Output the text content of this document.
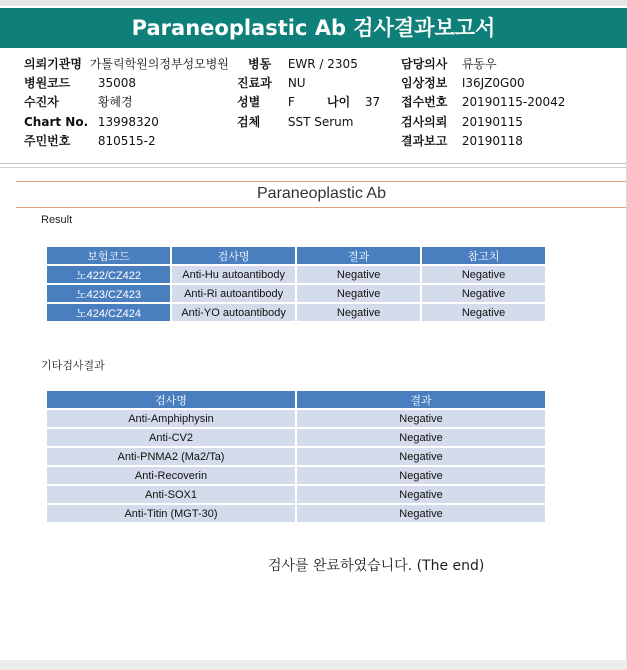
Paraneoplastic Ab 검사결과보고서
의뢰기관명 가톨릭학원의정부성모병원
병원코드 35008
수진자	황혜경
Chart No. 13998320
주민번호 810515-2
병동 EWR / 2305
진료과 NU
성별 F	나이 37
검체 SST Serum
담당의사 류동우
임상정보 I36JZ0G00
접수번호 20190115-20042
검사의뢰 20190115
결과보고 20190118
Paraneoplastic Ab
Result
보험코드	검사명	결과	참고치
노422/CZ422	Anti-Hu autoantibody	Negative	Negative
노423/CZ423	Anti-Ri autoantibody	Negative	Negative
노424/CZ424	Anti-YO autoantibody	Negative	Negative
기타검사결과
검사명	결과
Anti-Amphiphysin	Negative
Anti-CV2	Negative
Anti-PNMA2 (Ma2/Ta)	Negative
Anti-Recoverin	Negative
Anti-SOX1	Negative
Anti-Titin (MGT-30)	Negative
검사를 완료하였습니다. (The end)
